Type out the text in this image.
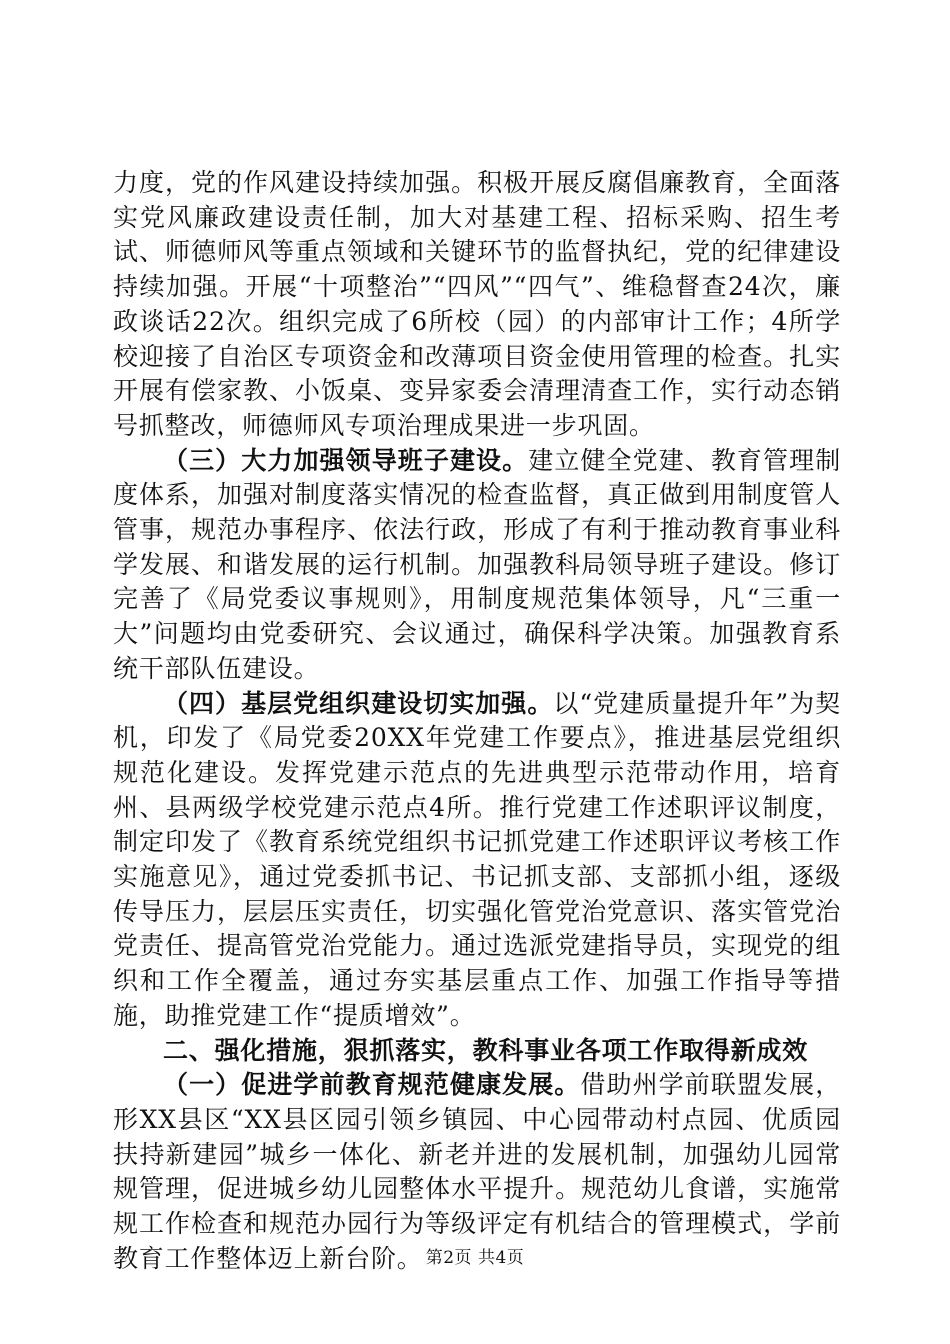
力度，党的作风建设持续加强。积极开展反腐倡廉教育，全面落实党风廉政建设责任制，加大对基建工程、招标采购、招生考试、师德师风等重点领域和关键环节的监督执纪，党的纪律建设持续加强。开展“十项整治”“四风”“四气”、维稳督查24次，廉政谈话22次。组织完成了6所校（园）的内部审计工作；4所学校迎接了自治区专项资金和改薄项目资金使用管理的检查。扎实开展有偿家教、小饭桌、变异家委会清理清查工作，实行动态销号抓整改，师德师风专项治理成果进一步巩固。

（三）大力加强领导班子建设。建立健全党建、教育管理制度体系，加强对制度落实情况的检查监督，真正做到用制度管人管事，规范办事程序、依法行政，形成了有利于推动教育事业科学发展、和谐发展的运行机制。加强教科局领导班子建设。修订完善了《局党委议事规则》，用制度规范集体领导，凡“三重一大”问题均由党委研究、会议通过，确保科学决策。加强教育系统干部队伍建设。

（四）基层党组织建设切实加强。以“党建质量提升年”为契机，印发了《局党委20XX年党建工作要点》，推进基层党组织规范化建设。发挥党建示范点的先进典型示范带动作用，培育州、县两级学校党建示范点4所。推行党建工作述职评议制度，制定印发了《教育系统党组织书记抓党建工作述职评议考核工作实施意见》，通过党委抓书记、书记抓支部、支部抓小组，逐级传导压力，层层压实责任，切实强化管党治党意识、落实管党治党责任、提高管党治党能力。通过选派党建指导员，实现党的组织和工作全覆盖，通过夯实基层重点工作、加强工作指导等措施，助推党建工作“提质增效”。

二、强化措施，狠抓落实，教科事业各项工作取得新成效

（一）促进学前教育规范健康发展。借助州学前联盟发展，形XX县区“XX县区园引领乡镇园、中心园带动村点园、优质园扶持新建园”城乡一体化、新老并进的发展机制，加强幼儿园常规管理，促进城乡幼儿园整体水平提升。规范幼儿食谱，实施常规工作检查和规范办园行为等级评定有机结合的管理模式，学前教育工作整体迈上新台阶。 第2页 共4页
